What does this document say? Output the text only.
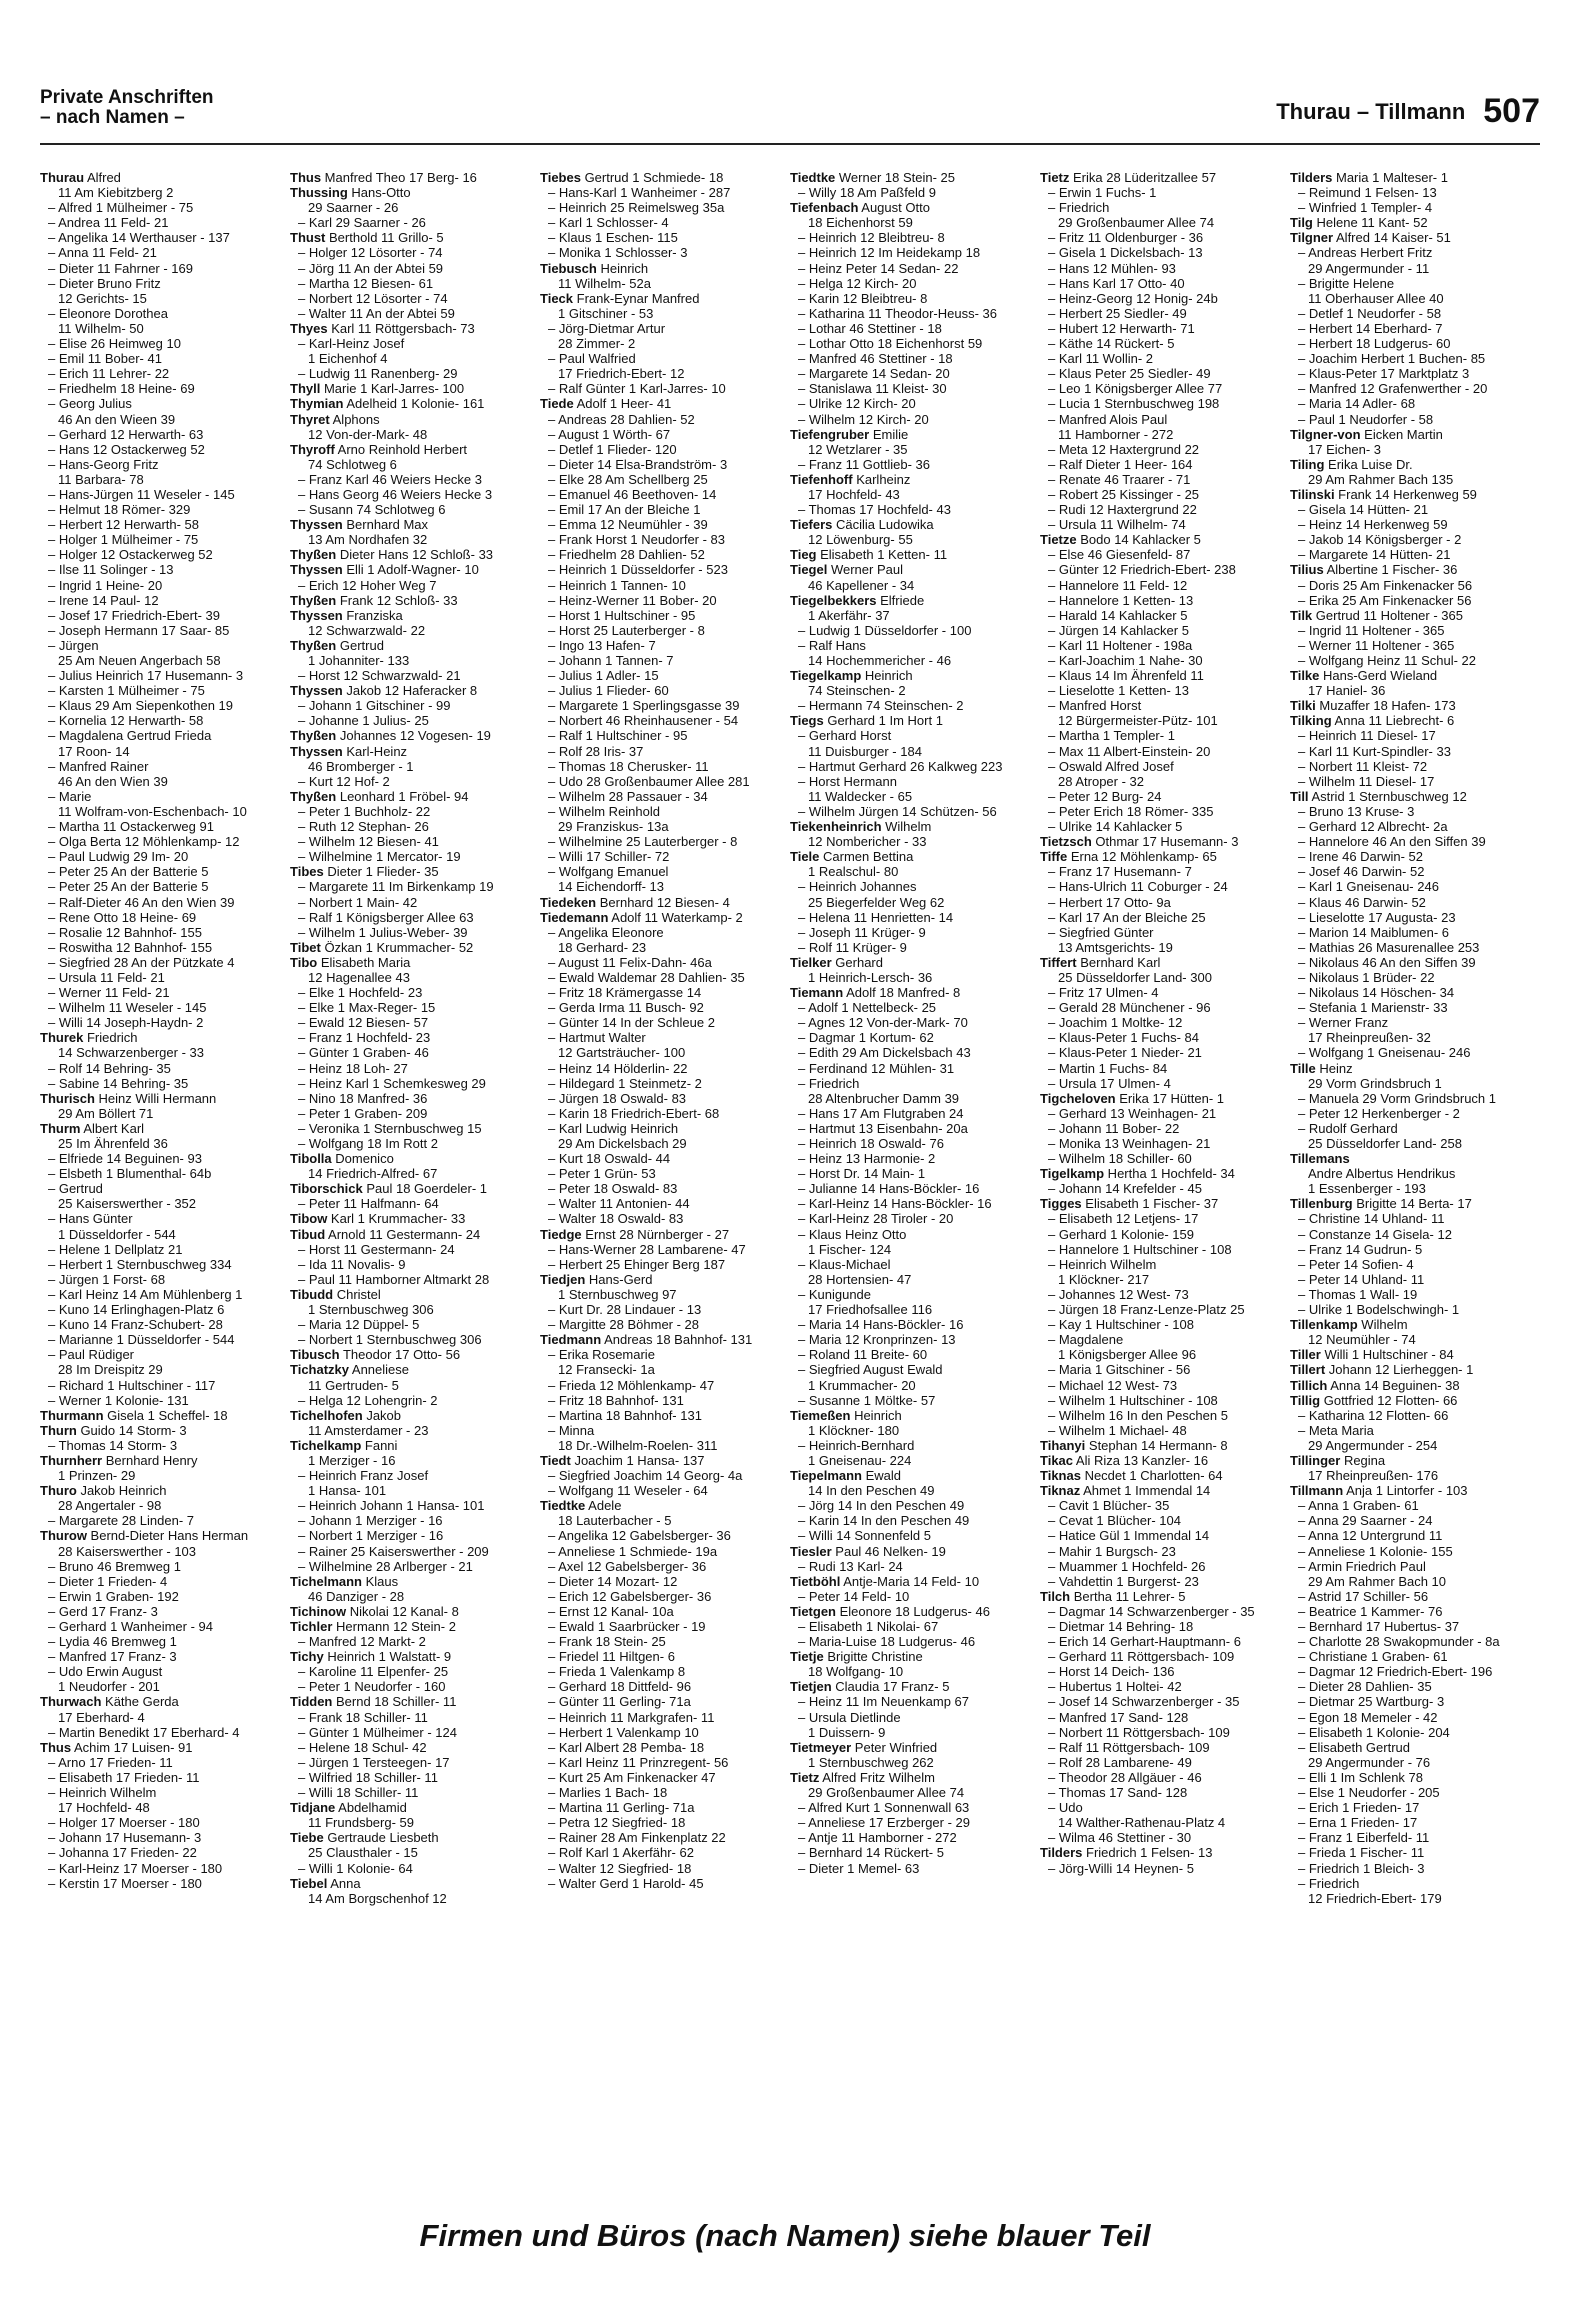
Private Anschriften
– nach Namen –	Thurau – Tillmann 507
Thurau Alfred
11 Am Kiebitzberg 2
– Alfred 1 Mülheimer - 75
– Andrea 11 Feld- 21
– Angelika 14 Werthauser - 137
– Anna 11 Feld- 21
– Dieter 11 Fahrner - 169
– Dieter Bruno Fritz
12 Gerichts- 15
– Eleonore Dorothea
11 Wilhelm- 50
– Elise 26 Heimweg 10
– Emil 11 Bober- 41
– Erich 11 Lehrer- 22
– Friedhelm 18 Heine- 69
– Georg Julius
46 An den Wieen 39
– Gerhard 12 Herwarth- 63
– Hans 12 Ostackerweg 52
– Hans-Georg Fritz
11 Barbara- 78
– Hans-Jürgen 11 Weseler - 145
– Helmut 18 Römer- 329
– Herbert 12 Herwarth- 58
– Holger 1 Mülheimer - 75
– Holger 12 Ostackerweg 52
– Ilse 11 Solinger - 13
– Ingrid 1 Heine- 20
– Irene 14 Paul- 12
– Josef 17 Friedrich-Ebert- 39
– Joseph Hermann 17 Saar- 85
– Jürgen
25 Am Neuen Angerbach 58
– Julius Heinrich 17 Husemann- 3
– Karsten 1 Mülheimer - 75
– Klaus 29 Am Siepenkothen 19
– Kornelia 12 Herwarth- 58
– Magdalena Gertrud Frieda
17 Roon- 14
– Manfred Rainer
46 An den Wien 39
– Marie
11 Wolfram-von-Eschenbach- 10
– Martha 11 Ostackerweg 91
– Olga Berta 12 Möhlenkamp- 12
– Paul Ludwig 29 Im- 20
– Peter 25 An der Batterie 5
– Peter 25 An der Batterie 5
– Ralf-Dieter 46 An den Wien 39
– Rene Otto 18 Heine- 69
– Rosalie 12 Bahnhof- 155
– Roswitha 12 Bahnhof- 155
– Siegfried 28 An der Pützkate 4
– Ursula 11 Feld- 21
– Werner 11 Feld- 21
– Wilhelm 11 Weseler - 145
– Willi 14 Joseph-Haydn- 2
Thurek Friedrich
14 Schwarzenberger - 33
– Rolf 14 Behring- 35
– Sabine 14 Behring- 35
Thurisch Heinz Willi Hermann
29 Am Böllert 71
Thurm Albert Karl
25 Im Ährenfeld 36
– Elfriede 14 Beguinen- 93
– Elsbeth 1 Blumenthal- 64b
– Gertrud
25 Kaiserswerther - 352
– Hans Günter
1 Düsseldorfer - 544
– Helene 1 Dellplatz 21
– Herbert 1 Sternbuschweg 334
– Jürgen 1 Forst- 68
– Karl Heinz 14 Am Mühlenberg 1
– Kuno 14 Erlinghagen-Platz 6
– Kuno 14 Franz-Schubert- 28
– Marianne 1 Düsseldorfer - 544
– Paul Rüdiger
28 Im Dreispitz 29
– Richard 1 Hultschiner - 117
– Werner 1 Kolonie- 131
Thurmann Gisela 1 Scheffel- 18
Thurn Guido 14 Storm- 3
– Thomas 14 Storm- 3
Thurnherr Bernhard Henry
1 Prinzen- 29
Thuro Jakob Heinrich
28 Angertaler - 98
– Margarete 28 Linden- 7
Thurow Bernd-Dieter Hans Herman
28 Kaiserswerther - 103
– Bruno 46 Bremweg 1
– Dieter 1 Frieden- 4
– Erwin 1 Graben- 192
– Gerd 17 Franz- 3
– Gerhard 1 Wanheimer - 94
– Lydia 46 Bremweg 1
– Manfred 17 Franz- 3
– Udo Erwin August
1 Neudorfer - 201
Thurwach Käthe Gerda
17 Eberhard- 4
– Martin Benedikt 17 Eberhard- 4
Thus Achim 17 Luisen- 91
– Arno 17 Frieden- 11
– Elisabeth 17 Frieden- 11
– Heinrich Wilhelm
17 Hochfeld- 48
– Holger 17 Moerser - 180
– Johann 17 Husemann- 3
– Johanna 17 Frieden- 22
– Karl-Heinz 17 Moerser - 180
– Kerstin 17 Moerser - 180
Thus Manfred Theo 17 Berg- 16
Thussing Hans-Otto
29 Saarner - 26
– Karl 29 Saarner - 26
Thust Berthold 11 Grillo- 5
– Holger 12 Lösorter - 74
– Jörg 11 An der Abtei 59
– Martha 12 Biesen- 61
– Norbert 12 Lösorter - 74
– Walter 11 An der Abtei 59
Thyes Karl 11 Röttgersbach- 73
– Karl-Heinz Josef
1 Eichenhof 4
– Ludwig 11 Ranenberg- 29
Thyll Marie 1 Karl-Jarres- 100
Thymian Adelheid 1 Kolonie- 161
Thyret Alphons
12 Von-der-Mark- 48
Thyroff Arno Reinhold Herbert
74 Schlotweg 6
– Franz Karl 46 Weiers Hecke 3
– Hans Georg 46 Weiers Hecke 3
– Susann 74 Schlotweg 6
Thyssen Bernhard Max
13 Am Nordhafen 32
Thyßen Dieter Hans 12 Schloß- 33
Thyssen Elli 1 Adolf-Wagner- 10
– Erich 12 Hoher Weg 7
Thyßen Frank 12 Schloß- 33
Thyssen Franziska
12 Schwarzwald- 22
Thyßen Gertrud
1 Johanniter- 133
– Horst 12 Schwarzwald- 21
Thyssen Jakob 12 Haferacker 8
– Johann 1 Gitschiner - 99
– Johanne 1 Julius- 25
Thyßen Johannes 12 Vogesen- 19
Thyssen Karl-Heinz
46 Bromberger - 1
– Kurt 12 Hof- 2
Thyßen Leonhard 1 Fröbel- 94
– Peter 1 Buchholz- 22
– Ruth 12 Stephan- 26
– Wilhelm 12 Biesen- 41
– Wilhelmine 1 Mercator- 19
Tibes Dieter 1 Flieder- 35
– Margarete 11 Im Birkenkamp 19
– Norbert 1 Main- 42
– Ralf 1 Königsberger Allee 63
– Wilhelm 1 Julius-Weber- 39
Tibet Özkan 1 Krummacher- 52
Tibo Elisabeth Maria
12 Hagenallee 43
– Elke 1 Hochfeld- 23
– Elke 1 Max-Reger- 15
– Ewald 12 Biesen- 57
– Franz 1 Hochfeld- 23
– Günter 1 Graben- 46
– Heinz 18 Loh- 27
– Heinz Karl 1 Schemkesweg 29
– Nino 18 Manfred- 36
– Peter 1 Graben- 209
– Veronika 1 Sternbuschweg 15
– Wolfgang 18 Im Rott 2
Tibolla Domenico
14 Friedrich-Alfred- 67
Tiborschick Paul 18 Goerdeler- 1
– Peter 11 Halfmann- 64
Tibow Karl 1 Krummacher- 33
Tibud Arnold 11 Gestermann- 24
– Horst 11 Gestermann- 24
– Ida 11 Novalis- 9
– Paul 11 Hamborner Altmarkt 28
Tibudd Christel
1 Sternbuschweg 306
– Maria 12 Düppel- 5
– Norbert 1 Sternbuschweg 306
Tibusch Theodor 17 Otto- 56
Tichatzky Anneliese
11 Gertruden- 5
– Helga 12 Lohengrin- 2
Tichelhofen Jakob
11 Amsterdamer - 23
Tichelkamp Fanni
1 Merziger - 16
– Heinrich Franz Josef
1 Hansa- 101
– Heinrich Johann 1 Hansa- 101
– Johann 1 Merziger - 16
– Norbert 1 Merziger - 16
– Rainer 25 Kaiserswerther - 209
– Wilhelmine 28 Arlberger - 21
Tichelmann Klaus
46 Danziger - 28
Tichinow Nikolai 12 Kanal- 8
Tichler Hermann 12 Stein- 2
– Manfred 12 Markt- 2
Tichy Heinrich 1 Walstatt- 9
– Karoline 11 Elpenfer- 25
– Peter 1 Neudorfer - 160
Tidden Bernd 18 Schiller- 11
– Frank 18 Schiller- 11
– Günter 1 Mülheimer - 124
– Helene 18 Schul- 42
– Jürgen 1 Tersteegen- 17
– Wilfried 18 Schiller- 11
– Willi 18 Schiller- 11
Tidjane Abdelhamid
11 Frundsberg- 59
Tiebe Gertraude Liesbeth
25 Clausthaler - 15
– Willi 1 Kolonie- 64
Tiebel Anna
14 Am Borgschenhof 12
Tiebes Gertrud 1 Schmiede- 18
– Hans-Karl 1 Wanheimer - 287
– Heinrich 25 Reimelsweg 35a
– Karl 1 Schlosser- 4
– Klaus 1 Eschen- 115
– Monika 1 Schlosser- 3
Tiebusch Heinrich
11 Wilhelm- 52a
Tieck Frank-Eynar Manfred
1 Gitschiner - 53
– Jörg-Dietmar Artur
28 Zimmer- 2
– Paul Walfried
17 Friedrich-Ebert- 12
– Ralf Günter 1 Karl-Jarres- 10
Tiede Adolf 1 Heer- 41
– Andreas 28 Dahlien- 52
– August 1 Wörth- 67
– Detlef 1 Flieder- 120
– Dieter 14 Elsa-Brandström- 3
– Elke 28 Am Schellberg 25
– Emanuel 46 Beethoven- 14
– Emil 17 An der Bleiche 1
– Emma 12 Neumühler - 39
– Frank Horst 1 Neudorfer - 83
– Friedhelm 28 Dahlien- 52
– Heinrich 1 Düsseldorfer - 523
– Heinrich 1 Tannen- 10
– Heinz-Werner 11 Bober- 20
– Horst 1 Hultschiner - 95
– Horst 25 Lauterberger - 8
– Ingo 13 Hafen- 7
– Johann 1 Tannen- 7
– Julius 1 Adler- 15
– Julius 1 Flieder- 60
– Margarete 1 Sperlingsgasse 39
– Norbert 46 Rheinhausener - 54
– Ralf 1 Hultschiner - 95
– Rolf 28 Iris- 37
– Thomas 18 Cherusker- 11
– Udo 28 Großenbaumer Allee 281
– Wilhelm 28 Passauer - 34
– Wilhelm Reinhold
29 Franziskus- 13a
– Wilhelmine 25 Lauterberger - 8
– Willi 17 Schiller- 72
– Wolfgang Emanuel
14 Eichendorff- 13
Tiedeken Bernhard 12 Biesen- 4
Tiedemann Adolf 11 Waterkamp- 2
– Angelika Eleonore
18 Gerhard- 23
– August 11 Felix-Dahn- 46a
– Ewald Waldemar 28 Dahlien- 35
– Fritz 18 Krämergasse 14
– Gerda Irma 11 Busch- 92
– Günter 14 In der Schleue 2
– Hartmut Walter
12 Gartsträucher- 100
– Heinz 14 Hölderlin- 22
– Hildegard 1 Steinmetz- 2
– Jürgen 18 Oswald- 83
– Karin 18 Friedrich-Ebert- 68
– Karl Ludwig Heinrich
29 Am Dickelsbach 29
– Kurt 18 Oswald- 44
– Peter 1 Grün- 53
– Peter 18 Oswald- 83
– Walter 11 Antonien- 44
– Walter 18 Oswald- 83
Tiedge Ernst 28 Nürnberger - 27
– Hans-Werner 28 Lambarene- 47
– Herbert 25 Ehinger Berg 187
Tiedjen Hans-Gerd
1 Sternbuschweg 97
– Kurt Dr. 28 Lindauer - 13
– Margitte 28 Böhmer - 28
Tiedmann Andreas 18 Bahnhof- 131
– Erika Rosemarie
12 Fransecki- 1a
– Frieda 12 Möhlenkamp- 47
– Fritz 18 Bahnhof- 131
– Martina 18 Bahnhof- 131
– Minna
18 Dr.-Wilhelm-Roelen- 311
Tiedt Joachim 1 Hansa- 137
– Siegfried Joachim 14 Georg- 4a
– Wolfgang 11 Weseler - 64
Tiedtke Adele
18 Lauterbacher - 5
– Angelika 12 Gabelsberger- 36
– Anneliese 1 Schmiede- 19a
– Axel 12 Gabelsberger- 36
– Dieter 14 Mozart- 12
– Erich 12 Gabelsberger- 36
– Ernst 12 Kanal- 10a
– Ewald 1 Saarbrücker - 19
– Frank 18 Stein- 25
– Friedel 11 Hiltgen- 6
– Frieda 1 Valenkamp 8
– Gerhard 18 Dittfeld- 96
– Günter 11 Gerling- 71a
– Heinrich 11 Markgrafen- 11
– Herbert 1 Valenkamp 10
– Karl Albert 28 Pemba- 18
– Karl Heinz 11 Prinzregent- 56
– Kurt 25 Am Finkenacker 47
– Marlies 1 Bach- 18
– Martina 11 Gerling- 71a
– Petra 12 Siegfried- 18
– Rainer 28 Am Finkenplatz 22
– Rolf Karl 1 Akerfähr- 62
– Walter 12 Siegfried- 18
– Walter Gerd 1 Harold- 45
Tiedtke Werner 18 Stein- 25
– Willy 18 Am Paßfeld 9
Tiefenbach August Otto
18 Eichenhorst 59
– Heinrich 12 Bleibtreu- 8
– Heinrich 12 Im Heidekamp 18
– Heinz Peter 14 Sedan- 22
– Helga 12 Kirch- 20
– Karin 12 Bleibtreu- 8
– Katharina 11 Theodor-Heuss- 36
– Lothar 46 Stettiner - 18
– Lothar Otto 18 Eichenhorst 59
– Manfred 46 Stettiner - 18
– Margarete 14 Sedan- 20
– Stanislawa 11 Kleist- 30
– Ulrike 12 Kirch- 20
– Wilhelm 12 Kirch- 20
Tiefengruber Emilie
12 Wetzlarer - 35
– Franz 11 Gottlieb- 36
Tiefenhoff Karlheinz
17 Hochfeld- 43
– Thomas 17 Hochfeld- 43
Tiefers Cäcilia Ludowika
12 Löwenburg- 55
Tieg Elisabeth 1 Ketten- 11
Tiegel Werner Paul
46 Kapellener - 34
Tiegelbekkers Elfriede
1 Akerfähr- 37
– Ludwig 1 Düsseldorfer - 100
– Ralf Hans
14 Hochemmericher - 46
Tiegelkamp Heinrich
74 Steinschen- 2
– Hermann 74 Steinschen- 2
Tiegs Gerhard 1 Im Hort 1
– Gerhard Horst
11 Duisburger - 184
– Hartmut Gerhard 26 Kalkweg 223
– Horst Hermann
11 Waldecker - 65
– Wilhelm Jürgen 14 Schützen- 56
Tiekenheinrich Wilhelm
12 Nombericher - 33
Tiele Carmen Bettina
1 Realschul- 80
– Heinrich Johannes
25 Biegerfelder Weg 62
– Helena 11 Henrietten- 14
– Joseph 11 Krüger- 9
– Rolf 11 Krüger- 9
Tielker Gerhard
1 Heinrich-Lersch- 36
Tiemann Adolf 18 Manfred- 8
– Adolf 1 Nettelbeck- 25
– Agnes 12 Von-der-Mark- 70
– Dagmar 1 Kortum- 62
– Edith 29 Am Dickelsbach 43
– Ferdinand 12 Mühlen- 31
– Friedrich
28 Altenbrucher Damm 39
– Hans 17 Am Flutgraben 24
– Hartmut 13 Eisenbahn- 20a
– Heinrich 18 Oswald- 76
– Heinz 13 Harmonie- 2
– Horst Dr. 14 Main- 1
– Julianne 14 Hans-Böckler- 16
– Karl-Heinz 14 Hans-Böckler- 16
– Karl-Heinz 28 Tiroler - 20
– Klaus Heinz Otto
1 Fischer- 124
– Klaus-Michael
28 Hortensien- 47
– Kunigunde
17 Friedhofsallee 116
– Maria 14 Hans-Böckler- 16
– Maria 12 Kronprinzen- 13
– Roland 11 Breite- 60
– Siegfried August Ewald
1 Krummacher- 20
– Susanne 1 Möltke- 57
Tiemeßen Heinrich
1 Klöckner- 180
– Heinrich-Bernhard
1 Gneisenau- 224
Tiepelmann Ewald
14 In den Peschen 49
– Jörg 14 In den Peschen 49
– Karin 14 In den Peschen 49
– Willi 14 Sonnenfeld 5
Tiesler Paul 46 Nelken- 19
– Rudi 13 Karl- 24
Tietböhl Antje-Maria 14 Feld- 10
– Peter 14 Feld- 10
Tietgen Eleonore 18 Ludgerus- 46
– Elisabeth 1 Nikolai- 67
– Maria-Luise 18 Ludgerus- 46
Tietje Brigitte Christine
18 Wolfgang- 10
Tietjen Claudia 17 Franz- 5
– Heinz 11 Im Neuenkamp 67
– Ursula Dietlinde
1 Duissern- 9
Tietmeyer Peter Winfried
1 Sternbuschweg 262
Tietz Alfred Fritz Wilhelm
29 Großenbaumer Allee 74
– Alfred Kurt 1 Sonnenwall 63
– Anneliese 17 Erzberger - 29
– Antje 11 Hamborner - 272
– Bernhard 14 Rückert- 5
– Dieter 1 Memel- 63
Tietz Erika 28 Lüderitzallee 57
– Erwin 1 Fuchs- 1
– Friedrich
29 Großenbaumer Allee 74
– Fritz 11 Oldenburger - 36
– Gisela 1 Dickelsbach- 13
– Hans 12 Mühlen- 93
– Hans Karl 17 Otto- 40
– Heinz-Georg 12 Honig- 24b
– Herbert 25 Siedler- 49
– Hubert 12 Herwarth- 71
– Käthe 14 Rückert- 5
– Karl 11 Wollin- 2
– Klaus Peter 25 Siedler- 49
– Leo 1 Königsberger Allee 77
– Lucia 1 Sternbuschweg 198
– Manfred Alois Paul
11 Hamborner - 272
– Meta 12 Haxtergrund 22
– Ralf Dieter 1 Heer- 164
– Renate 46 Traarer - 71
– Robert 25 Kissinger - 25
– Rudi 12 Haxtergrund 22
– Ursula 11 Wilhelm- 74
Tietze Bodo 14 Kahlacker 5
– Else 46 Giesenfeld- 87
– Günter 12 Friedrich-Ebert- 238
– Hannelore 11 Feld- 12
– Hannelore 1 Ketten- 13
– Harald 14 Kahlacker 5
– Jürgen 14 Kahlacker 5
– Karl 11 Holtener - 198a
– Karl-Joachim 1 Nahe- 30
– Klaus 14 Im Ährenfeld 11
– Lieselotte 1 Ketten- 13
– Manfred Horst
12 Bürgermeister-Pütz- 101
– Martha 1 Templer- 1
– Max 11 Albert-Einstein- 20
– Oswald Alfred Josef
28 Atroper - 32
– Peter 12 Burg- 24
– Peter Erich 18 Römer- 335
– Ulrike 14 Kahlacker 5
Tietzsch Othmar 17 Husemann- 3
Tiffe Erna 12 Möhlenkamp- 65
– Franz 17 Husemann- 7
– Hans-Ulrich 11 Coburger - 24
– Herbert 17 Otto- 9a
– Karl 17 An der Bleiche 25
– Siegfried Günter
13 Amtsgerichts- 19
Tiffert Bernhard Karl
25 Düsseldorfer Land- 300
– Fritz 17 Ulmen- 4
– Gerald 28 Münchener - 96
– Joachim 1 Moltke- 12
– Klaus-Peter 1 Fuchs- 84
– Klaus-Peter 1 Nieder- 21
– Martin 1 Fuchs- 84
– Ursula 17 Ulmen- 4
Tigcheloven Erika 17 Hütten- 1
– Gerhard 13 Weinhagen- 21
– Johann 11 Bober- 22
– Monika 13 Weinhagen- 21
– Wilhelm 18 Schiller- 60
Tigelkamp Hertha 1 Hochfeld- 34
– Johann 14 Krefelder - 45
Tigges Elisabeth 1 Fischer- 37
– Elisabeth 12 Letjens- 17
– Gerhard 1 Kolonie- 159
– Hannelore 1 Hultschiner - 108
– Heinrich Wilhelm
1 Klöckner- 217
– Johannes 12 West- 73
– Jürgen 18 Franz-Lenze-Platz 25
– Kay 1 Hultschiner - 108
– Magdalene
1 Königsberger Allee 96
– Maria 1 Gitschiner - 56
– Michael 12 West- 73
– Wilhelm 1 Hultschiner - 108
– Wilhelm 16 In den Peschen 5
– Wilhelm 1 Michael- 48
Tihanyi Stephan 14 Hermann- 8
Tikac Ali Riza 13 Kanzler- 16
Tiknas Necdet 1 Charlotten- 64
Tiknaz Ahmet 1 Immendal 14
– Cavit 1 Blücher- 35
– Cevat 1 Blücher- 104
– Hatice Gül 1 Immendal 14
– Mahir 1 Burgsch- 23
– Muammer 1 Hochfeld- 26
– Vahdettin 1 Burgerst- 23
Tilch Bertha 11 Lehrer- 5
– Dagmar 14 Schwarzenberger - 35
– Dietmar 14 Behring- 18
– Erich 14 Gerhart-Hauptmann- 6
– Gerhard 11 Röttgersbach- 109
– Horst 14 Deich- 136
– Hubertus 1 Holtei- 42
– Josef 14 Schwarzenberger - 35
– Manfred 17 Sand- 128
– Norbert 11 Röttgersbach- 109
– Ralf 11 Röttgersbach- 109
– Rolf 28 Lambarene- 49
– Theodor 28 Allgäuer - 46
– Thomas 17 Sand- 128
– Udo
14 Walther-Rathenau-Platz 4
– Wilma 46 Stettiner - 30
Tilders Friedrich 1 Felsen- 13
– Jörg-Willi 14 Heynen- 5
Tilders Maria 1 Malteser- 1
– Reimund 1 Felsen- 13
– Winfried 1 Templer- 4
Tilg Helene 11 Kant- 52
Tilgner Alfred 14 Kaiser- 51
– Andreas Herbert Fritz
29 Angermunder - 11
– Brigitte Helene
11 Oberhauser Allee 40
– Detlef 1 Neudorfer - 58
– Herbert 14 Eberhard- 7
– Herbert 18 Ludgerus- 60
– Joachim Herbert 1 Buchen- 85
– Klaus-Peter 17 Marktplatz 3
– Manfred 12 Grafenwerther - 20
– Maria 14 Adler- 68
– Paul 1 Neudorfer - 58
Tilgner-von Eicken Martin
17 Eichen- 3
Tiling Erika Luise Dr.
29 Am Rahmer Bach 135
Tilinski Frank 14 Herkenweg 59
– Gisela 14 Hütten- 21
– Heinz 14 Herkenweg 59
– Jakob 14 Königsberger - 2
– Margarete 14 Hütten- 21
Tilius Albertine 1 Fischer- 36
– Doris 25 Am Finkenacker 56
– Erika 25 Am Finkenacker 56
Tilk Gertrud 11 Holtener - 365
– Ingrid 11 Holtener - 365
– Werner 11 Holtener - 365
– Wolfgang Heinz 11 Schul- 22
Tilke Hans-Gerd Wieland
17 Haniel- 36
Tilki Muzaffer 18 Hafen- 173
Tilking Anna 11 Liebrecht- 6
– Heinrich 11 Diesel- 17
– Karl 11 Kurt-Spindler- 33
– Norbert 11 Kleist- 72
– Wilhelm 11 Diesel- 17
Till Astrid 1 Sternbuschweg 12
– Bruno 13 Kruse- 3
– Gerhard 12 Albrecht- 2a
– Hannelore 46 An den Siffen 39
– Irene 46 Darwin- 52
– Josef 46 Darwin- 52
– Karl 1 Gneisenau- 246
– Klaus 46 Darwin- 52
– Lieselotte 17 Augusta- 23
– Marion 14 Maiblumen- 6
– Mathias 26 Masurenallee 253
– Nikolaus 46 An den Siffen 39
– Nikolaus 1 Brüder- 22
– Nikolaus 14 Höschen- 34
– Stefania 1 Marienstr- 33
– Werner Franz
17 Rheinpreußen- 32
– Wolfgang 1 Gneisenau- 246
Tille Heinz
29 Vorm Grindsbruch 1
– Manuela 29 Vorm Grindsbruch 1
– Peter 12 Herkenberger - 2
– Rudolf Gerhard
25 Düsseldorfer Land- 258
Tillemans
Andre Albertus Hendrikus
1 Essenberger - 193
Tillenburg Brigitte 14 Berta- 17
– Christine 14 Uhland- 11
– Constanze 14 Gisela- 12
– Franz 14 Gudrun- 5
– Peter 14 Sofien- 4
– Peter 14 Uhland- 11
– Thomas 1 Wall- 19
– Ulrike 1 Bodelschwingh- 1
Tillenkamp Wilhelm
12 Neumühler - 74
Tiller Willi 1 Hultschiner - 84
Tillert Johann 12 Lierheggen- 1
Tillich Anna 14 Beguinen- 38
Tillig Gottfried 12 Flotten- 66
– Katharina 12 Flotten- 66
– Meta Maria
29 Angermunder - 254
Tillinger Regina
17 Rheinpreußen- 176
Tillmann Anja 1 Lintorfer - 103
– Anna 1 Graben- 61
– Anna 29 Saarner - 24
– Anna 12 Untergrund 11
– Anneliese 1 Kolonie- 155
– Armin Friedrich Paul
29 Am Rahmer Bach 10
– Astrid 17 Schiller- 56
– Beatrice 1 Kammer- 76
– Bernhard 17 Hubertus- 37
– Charlotte 28 Swakopmunder - 8a
– Christiane 1 Graben- 61
– Dagmar 12 Friedrich-Ebert- 196
– Dieter 28 Dahlien- 35
– Dietmar 25 Wartburg- 3
– Egon 18 Memeler - 42
– Elisabeth 1 Kolonie- 204
– Elisabeth Gertrud
29 Angermunder - 76
– Elli 1 Im Schlenk 78
– Else 1 Neudorfer - 205
– Erich 1 Frieden- 17
– Erna 1 Frieden- 17
– Franz 1 Eiberfeld- 11
– Frieda 1 Fischer- 11
– Friedrich 1 Bleich- 3
– Friedrich
12 Friedrich-Ebert- 179
Firmen und Büros (nach Namen) siehe blauer Teil
